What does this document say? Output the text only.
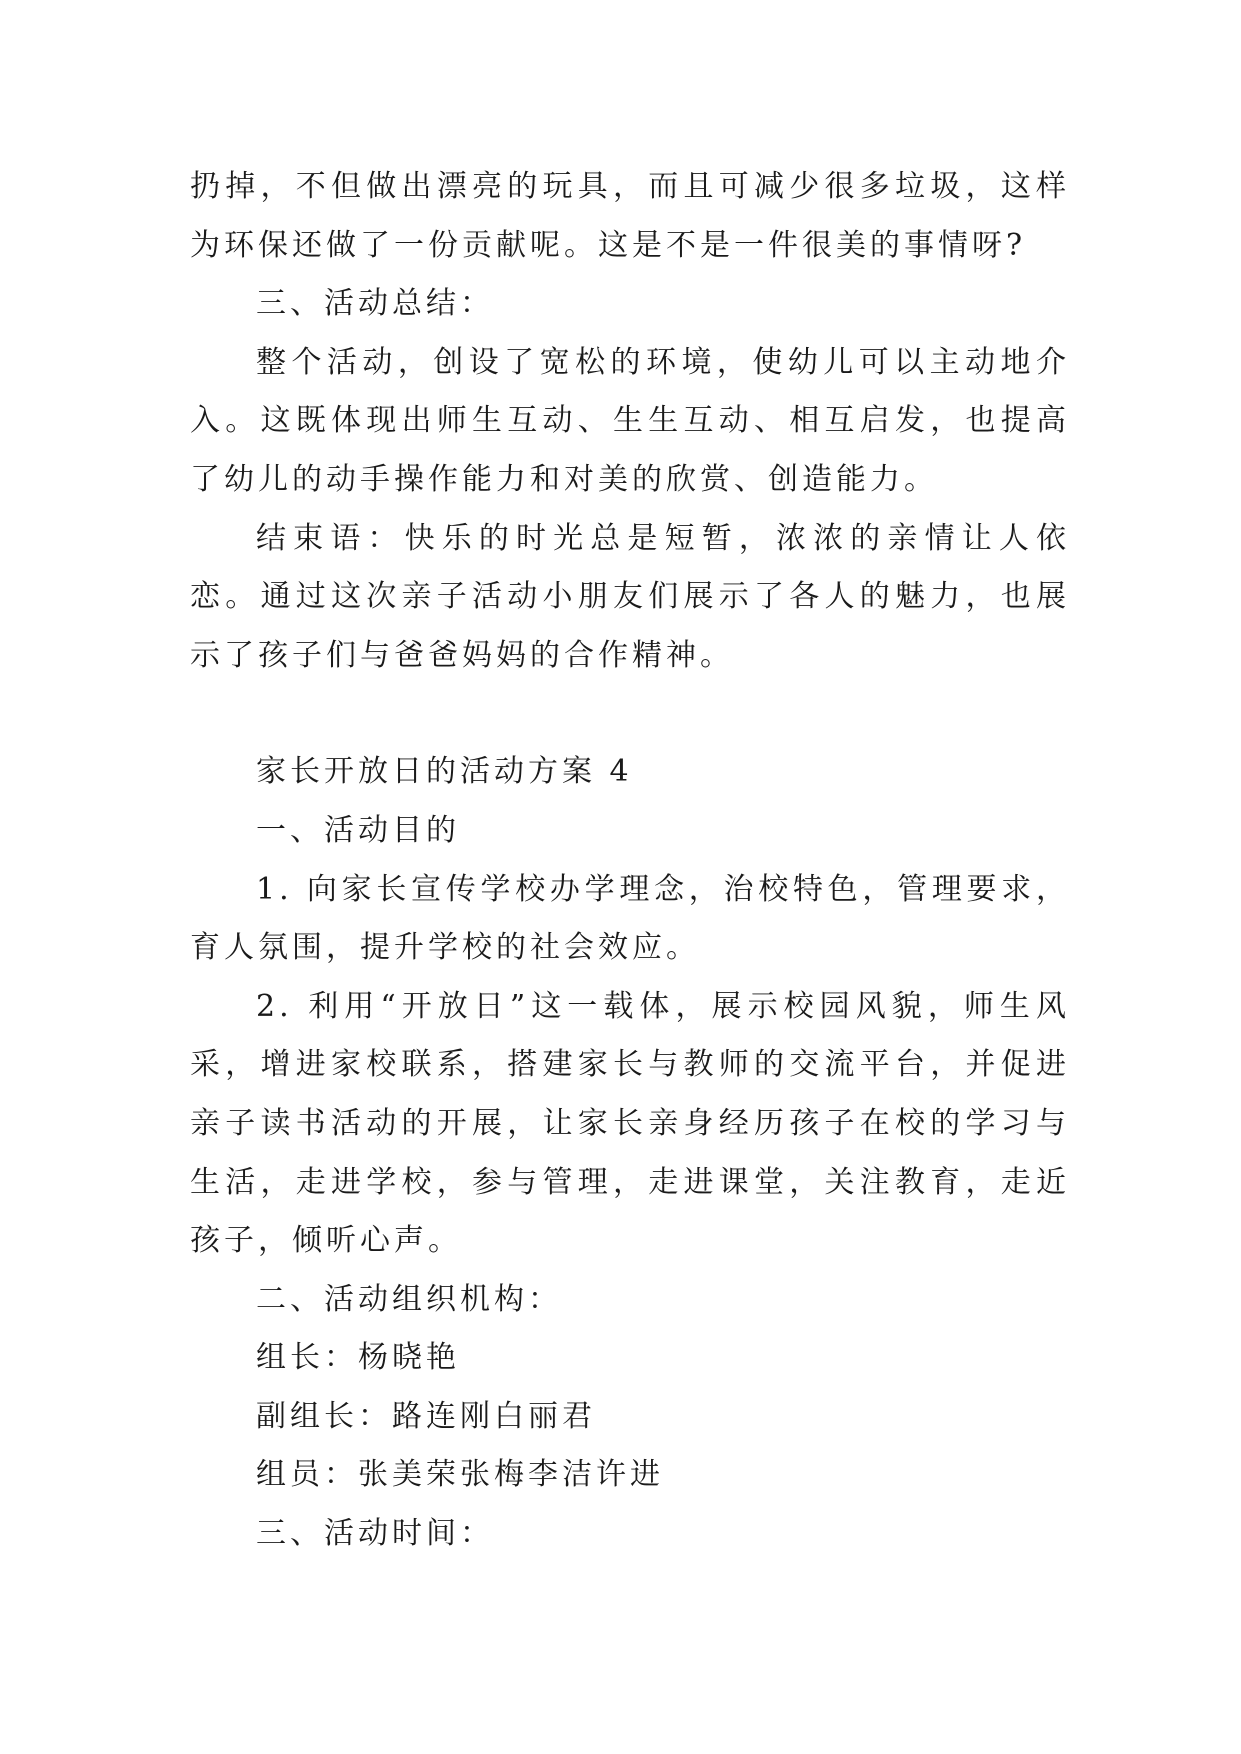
扔掉，不但做出漂亮的玩具，而且可减少很多垃圾，这样为环保还做了一份贡献呢。这是不是一件很美的事情呀?

三、活动总结：

整个活动，创设了宽松的环境，使幼儿可以主动地介入。这既体现出师生互动、生生互动、相互启发，也提高了幼儿的动手操作能力和对美的欣赏、创造能力。

结束语：快乐的时光总是短暂，浓浓的亲情让人依恋。通过这次亲子活动小朋友们展示了各人的魅力，也展示了孩子们与爸爸妈妈的合作精神。

家长开放日的活动方案 4

一、活动目的

1. 向家长宣传学校办学理念，治校特色，管理要求，育人氛围，提升学校的社会效应。

2. 利用“开放日”这一载体，展示校园风貌，师生风采，增进家校联系，搭建家长与教师的交流平台，并促进亲子读书活动的开展，让家长亲身经历孩子在校的学习与生活，走进学校，参与管理，走进课堂，关注教育，走近孩子，倾听心声。

二、活动组织机构：

组长：杨晓艳

副组长：路连刚白丽君

组员：张美荣张梅李洁许进

三、活动时间：
